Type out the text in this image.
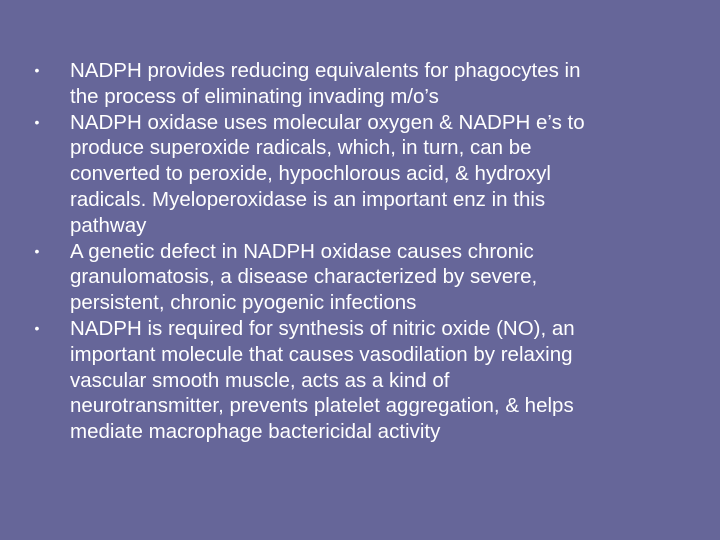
• NADPH provides reducing equivalents for phagocytes in
the process of eliminating invading m/o’s
• NADPH oxidase uses molecular oxygen & NADPH e’s to
produce superoxide radicals, which, in turn, can be
converted to peroxide, hypochlorous acid, & hydroxyl
radicals. Myeloperoxidase is an important enz in this
pathway
• A genetic defect in NADPH oxidase causes chronic
granulomatosis, a disease characterized by severe,
persistent, chronic pyogenic infections
• NADPH is required for synthesis of nitric oxide (NO), an
important molecule that causes vasodilation by relaxing
vascular smooth muscle, acts as a kind of
neurotransmitter, prevents platelet aggregation, & helps
mediate macrophage bactericidal activity
